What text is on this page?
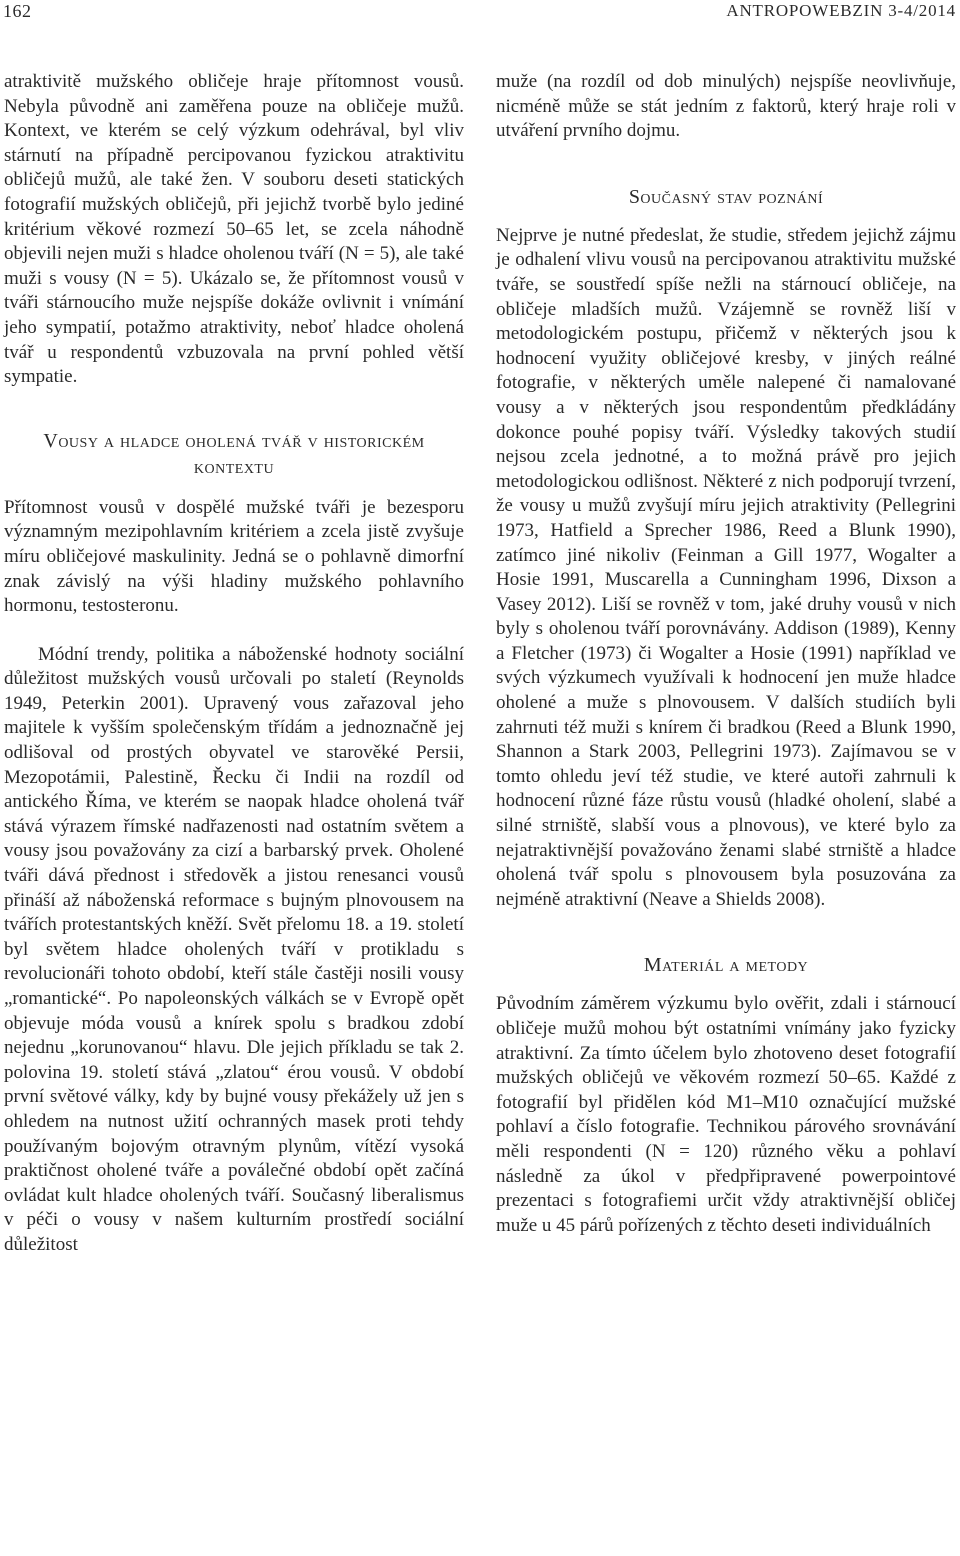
162	ANTROPOWEBZIN 3-4/2014

atraktivitě mužského obličeje hraje přítomnost vousů. Nebyla původně ani zaměřena pouze na obličeje mužů. Kontext, ve kterém se celý výzkum odehrával, byl vliv stárnutí na případně percipovanou fyzickou atraktivitu obličejů mužů, ale také žen. V souboru deseti statických fotografií mužských obličejů, při jejichž tvorbě bylo jediné kritérium věkové rozmezí 50–65 let, se zcela náhodně objevili nejen muži s hladce oholenou tváří (N = 5), ale také muži s vousy (N = 5). Ukázalo se, že přítomnost vousů v tváři stárnoucího muže nejspíše dokáže ovlivnit i vnímání jeho sympatií, potažmo atraktivity, neboť hladce oholená tvář u respondentů vzbuzovala na první pohled větší sympatie.

Vousy a hladce oholená tvář v historickém kontextu

Přítomnost vousů v dospělé mužské tváři je bezesporu významným mezipohlavním kritériem a zcela jistě zvyšuje míru obličejové maskulinity. Jedná se o pohlavně dimorfní znak závislý na výši hladiny mužského pohlavního hormonu, testosteronu.

Módní trendy, politika a náboženské hodnoty sociální důležitost mužských vousů určovali po staletí (Reynolds 1949, Peterkin 2001). Upravený vous zařazoval jeho majitele k vyšším společenským třídám a jednoznačně jej odlišoval od prostých obyvatel ve starověké Persii, Mezopotámii, Palestině, Řecku či Indii na rozdíl od antického Říma, ve kterém se naopak hladce oholená tvář stává výrazem římské nadřazenosti nad ostatním světem a vousy jsou považovány za cizí a barbarský prvek. Oholené tváři dává přednost i středověk a jistou renesanci vousů přináší až náboženská reformace s bujným plnovousem na tvářích protestantských kněží. Svět přelomu 18. a 19. století byl světem hladce oholených tváří v protikladu s revolucionáři tohoto období, kteří stále častěji nosili vousy „romantické“. Po napoleonských válkách se v Evropě opět objevuje móda vousů a knírek spolu s bradkou zdobí nejednu „korunovanou“ hlavu. Dle jejich příkladu se tak 2. polovina 19. století stává „zlatou“ érou vousů. V období první světové války, kdy by bujné vousy překážely už jen s ohledem na nutnost užití ochranných masek proti tehdy používaným bojovým otravným plynům, vítězí vysoká praktičnost oholené tváře a poválečné období opět začíná ovládat kult hladce oholených tváří. Současný liberalismus v péči o vousy v našem kulturním prostředí sociální důležitost

muže (na rozdíl od dob minulých) nejspíše neovlivňuje, nicméně může se stát jedním z faktorů, který hraje roli v utváření prvního dojmu.

Současný stav poznání

Nejprve je nutné předeslat, že studie, středem jejichž zájmu je odhalení vlivu vousů na percipovanou atraktivitu mužské tváře, se soustředí spíše nežli na stárnoucí obličeje, na obličeje mladších mužů. Vzájemně se rovněž liší v metodologickém postupu, přičemž v některých jsou k hodnocení využity obličejové kresby, v jiných reálné fotografie, v některých uměle nalepené či namalované vousy a v některých jsou respondentům předkládány dokonce pouhé popisy tváří. Výsledky takových studií nejsou zcela jednotné, a to možná právě pro jejich metodologickou odlišnost. Některé z nich podporují tvrzení, že vousy u mužů zvyšují míru jejich atraktivity (Pellegrini 1973, Hatfield a Sprecher 1986, Reed a Blunk 1990), zatímco jiné nikoliv (Feinman a Gill 1977, Wogalter a Hosie 1991, Muscarella a Cunningham 1996, Dixson a Vasey 2012). Liší se rovněž v tom, jaké druhy vousů v nich byly s oholenou tváří porovnávány. Addison (1989), Kenny a Fletcher (1973) či Wogalter a Hosie (1991) například ve svých výzkumech využívali k hodnocení jen muže hladce oholené a muže s plnovousem. V dalších studiích byli zahrnuti též muži s knírem či bradkou (Reed a Blunk 1990, Shannon a Stark 2003, Pellegrini 1973). Zajímavou se v tomto ohledu jeví též studie, ve které autoři zahrnuli k hodnocení různé fáze růstu vousů (hladké oholení, slabé a silné strniště, slabší vous a plnovous), ve které bylo za nejatraktivnější považováno ženami slabé strniště a hladce oholená tvář spolu s plnovousem byla posuzována za nejméně atraktivní (Neave a Shields 2008).

Materiál a metody

Původním záměrem výzkumu bylo ověřit, zdali i stárnoucí obličeje mužů mohou být ostatními vnímány jako fyzicky atraktivní. Za tímto účelem bylo zhotoveno deset fotografií mužských obličejů ve věkovém rozmezí 50–65. Každé z fotografií byl přidělen kód M1–M10 označující mužské pohlaví a číslo fotografie. Technikou párového srovnávání měli respondenti (N = 120) různého věku a pohlaví následně za úkol v předpřipravené powerpointové prezentaci s fotografiemi určit vždy atraktivnější obličej muže u 45 párů pořízených z těchto deseti individuálních
